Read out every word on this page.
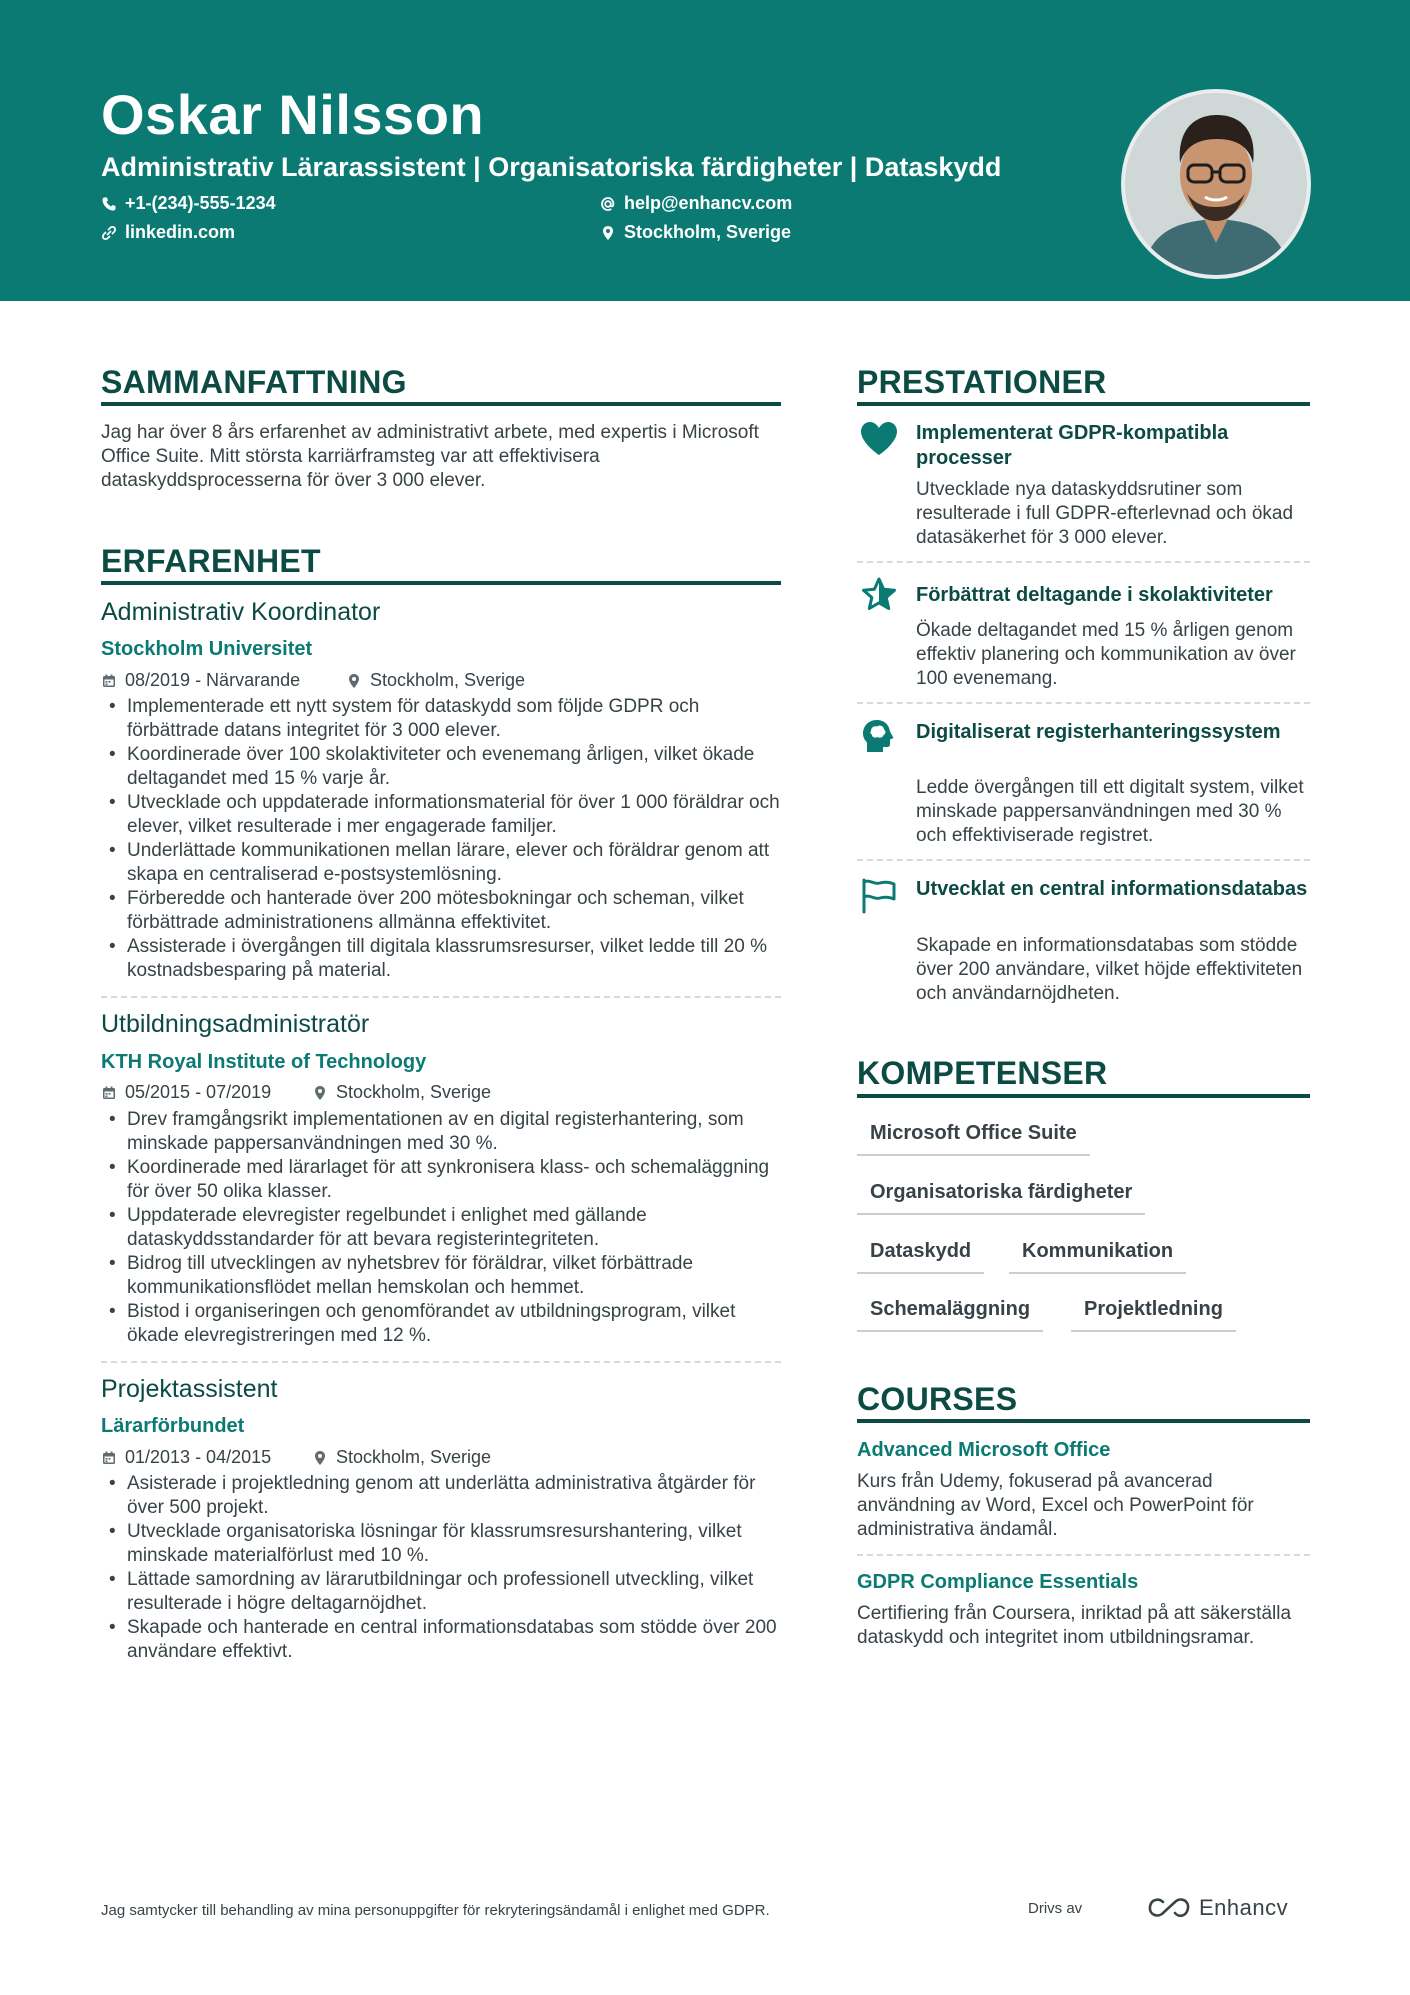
Oskar Nilsson
Administrativ Lärarassistent | Organisatoriska färdigheter | Dataskydd
+1-(234)-555-1234	help@enhancv.com
linkedin.com	Stockholm, Sverige
SAMMANFATTNING
Jag har över 8 års erfarenhet av administrativt arbete, med expertis i Microsoft Office Suite. Mitt största karriärframsteg var att effektivisera dataskyddsprocesserna för över 3 000 elever.
ERFARENHET
Administrativ Koordinator
Stockholm Universitet
08/2019 - Närvarande	Stockholm, Sverige
• Implementerade ett nytt system för dataskydd som följde GDPR och förbättrade datans integritet för 3 000 elever.
• Koordinerade över 100 skolaktiviteter och evenemang årligen, vilket ökade deltagandet med 15 % varje år.
• Utvecklade och uppdaterade informationsmaterial för över 1 000 föräldrar och elever, vilket resulterade i mer engagerade familjer.
• Underlättade kommunikationen mellan lärare, elever och föräldrar genom att skapa en centraliserad e-postsystemlösning.
• Förberedde och hanterade över 200 mötesbokningar och scheman, vilket förbättrade administrationens allmänna effektivitet.
• Assisterade i övergången till digitala klassrumsresurser, vilket ledde till 20 % kostnadsbesparing på material.
Utbildningsadministratör
KTH Royal Institute of Technology
05/2015 - 07/2019	Stockholm, Sverige
• Drev framgångsrikt implementationen av en digital registerhantering, som minskade pappersanvändningen med 30 %.
• Koordinerade med lärarlaget för att synkronisera klass- och schemaläggning för över 50 olika klasser.
• Uppdaterade elevregister regelbundet i enlighet med gällande dataskyddsstandarder för att bevara registerintegriteten.
• Bidrog till utvecklingen av nyhetsbrev för föräldrar, vilket förbättrade kommunikationsflödet mellan hemskolan och hemmet.
• Bistod i organiseringen och genomförandet av utbildningsprogram, vilket ökade elevregistreringen med 12 %.
Projektassistent
Lärarförbundet
01/2013 - 04/2015	Stockholm, Sverige
• Asisterade i projektledning genom att underlätta administrativa åtgärder för över 500 projekt.
• Utvecklade organisatoriska lösningar för klassrumsresurshantering, vilket minskade materialförlust med 10 %.
• Lättade samordning av lärarutbildningar och professionell utveckling, vilket resulterade i högre deltagarnöjdhet.
• Skapade och hanterade en central informationsdatabas som stödde över 200 användare effektivt.
PRESTATIONER
Implementerat GDPR-kompatibla processer
Utvecklade nya dataskyddsrutiner som resulterade i full GDPR-efterlevnad och ökad datasäkerhet för 3 000 elever.
Förbättrat deltagande i skolaktiviteter
Ökade deltagandet med 15 % årligen genom effektiv planering och kommunikation av över 100 evenemang.
Digitaliserat registerhanteringssystem
Ledde övergången till ett digitalt system, vilket minskade pappersanvändningen med 30 % och effektiviserade registret.
Utvecklat en central informationsdatabas
Skapade en informationsdatabas som stödde över 200 användare, vilket höjde effektiviteten och användarnöjdheten.
KOMPETENSER
Microsoft Office Suite
Organisatoriska färdigheter
Dataskydd	Kommunikation
Schemaläggning	Projektledning
COURSES
Advanced Microsoft Office
Kurs från Udemy, fokuserad på avancerad användning av Word, Excel och PowerPoint för administrativa ändamål.
GDPR Compliance Essentials
Certifiering från Coursera, inriktad på att säkerställa dataskydd och integritet inom utbildningsramar.
Jag samtycker till behandling av mina personuppgifter för rekryteringsändamål i enlighet med GDPR.	Drivs av	Enhancv
